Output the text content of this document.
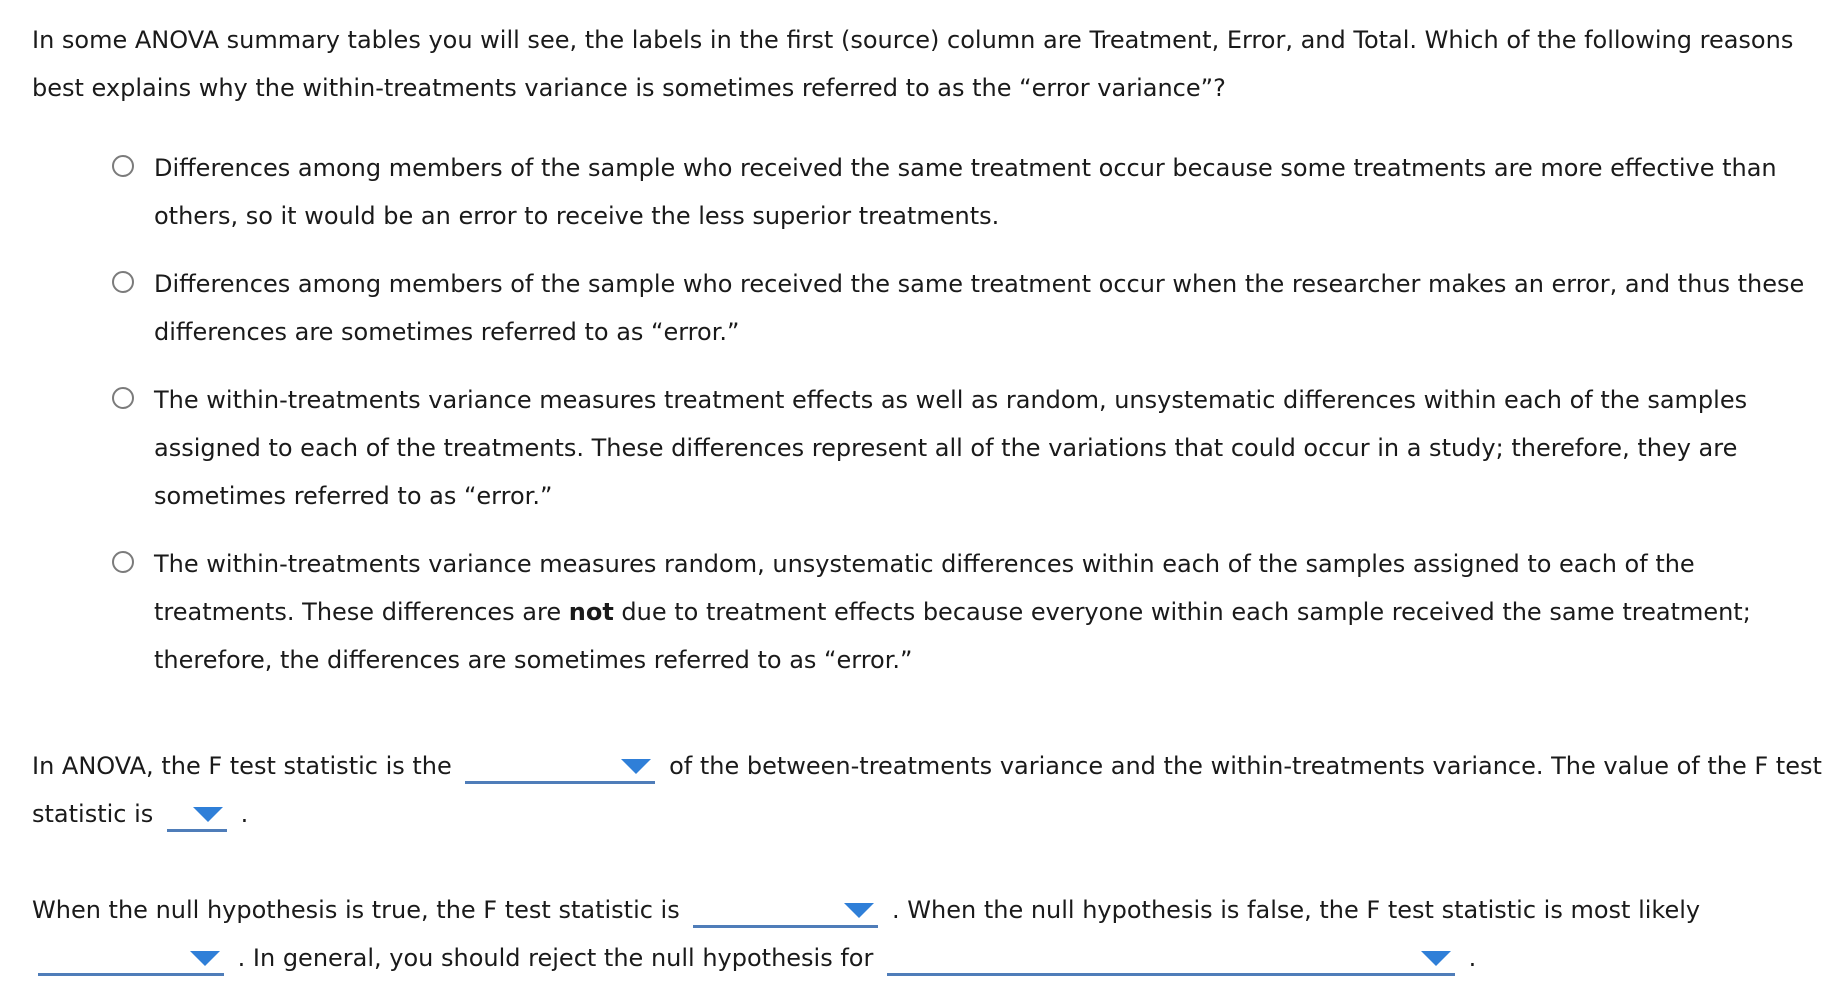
In some ANOVA summary tables you will see, the labels in the first (source) column are Treatment, Error, and Total. Which of the following reasons best explains why the within-treatments variance is sometimes referred to as the “error variance”?

Differences among members of the sample who received the same treatment occur because some treatments are more effective than others, so it would be an error to receive the less superior treatments.
Differences among members of the sample who received the same treatment occur when the researcher makes an error, and thus these differences are sometimes referred to as “error.”
The within-treatments variance measures treatment effects as well as random, unsystematic differences within each of the samples assigned to each of the treatments. These differences represent all of the variations that could occur in a study; therefore, they are sometimes referred to as “error.”
The within-treatments variance measures random, unsystematic differences within each of the samples assigned to each of the treatments. These differences are not due to treatment effects because everyone within each sample received the same treatment; therefore, the differences are sometimes referred to as “error.”

In ANOVA, the F test statistic is the	of the between-treatments variance and the within-treatments variance. The value of the F test statistic is	.

When the null hypothesis is true, the F test statistic is	. When the null hypothesis is false, the F test statistic is most likely
. In general, you should reject the null hypothesis for	.
